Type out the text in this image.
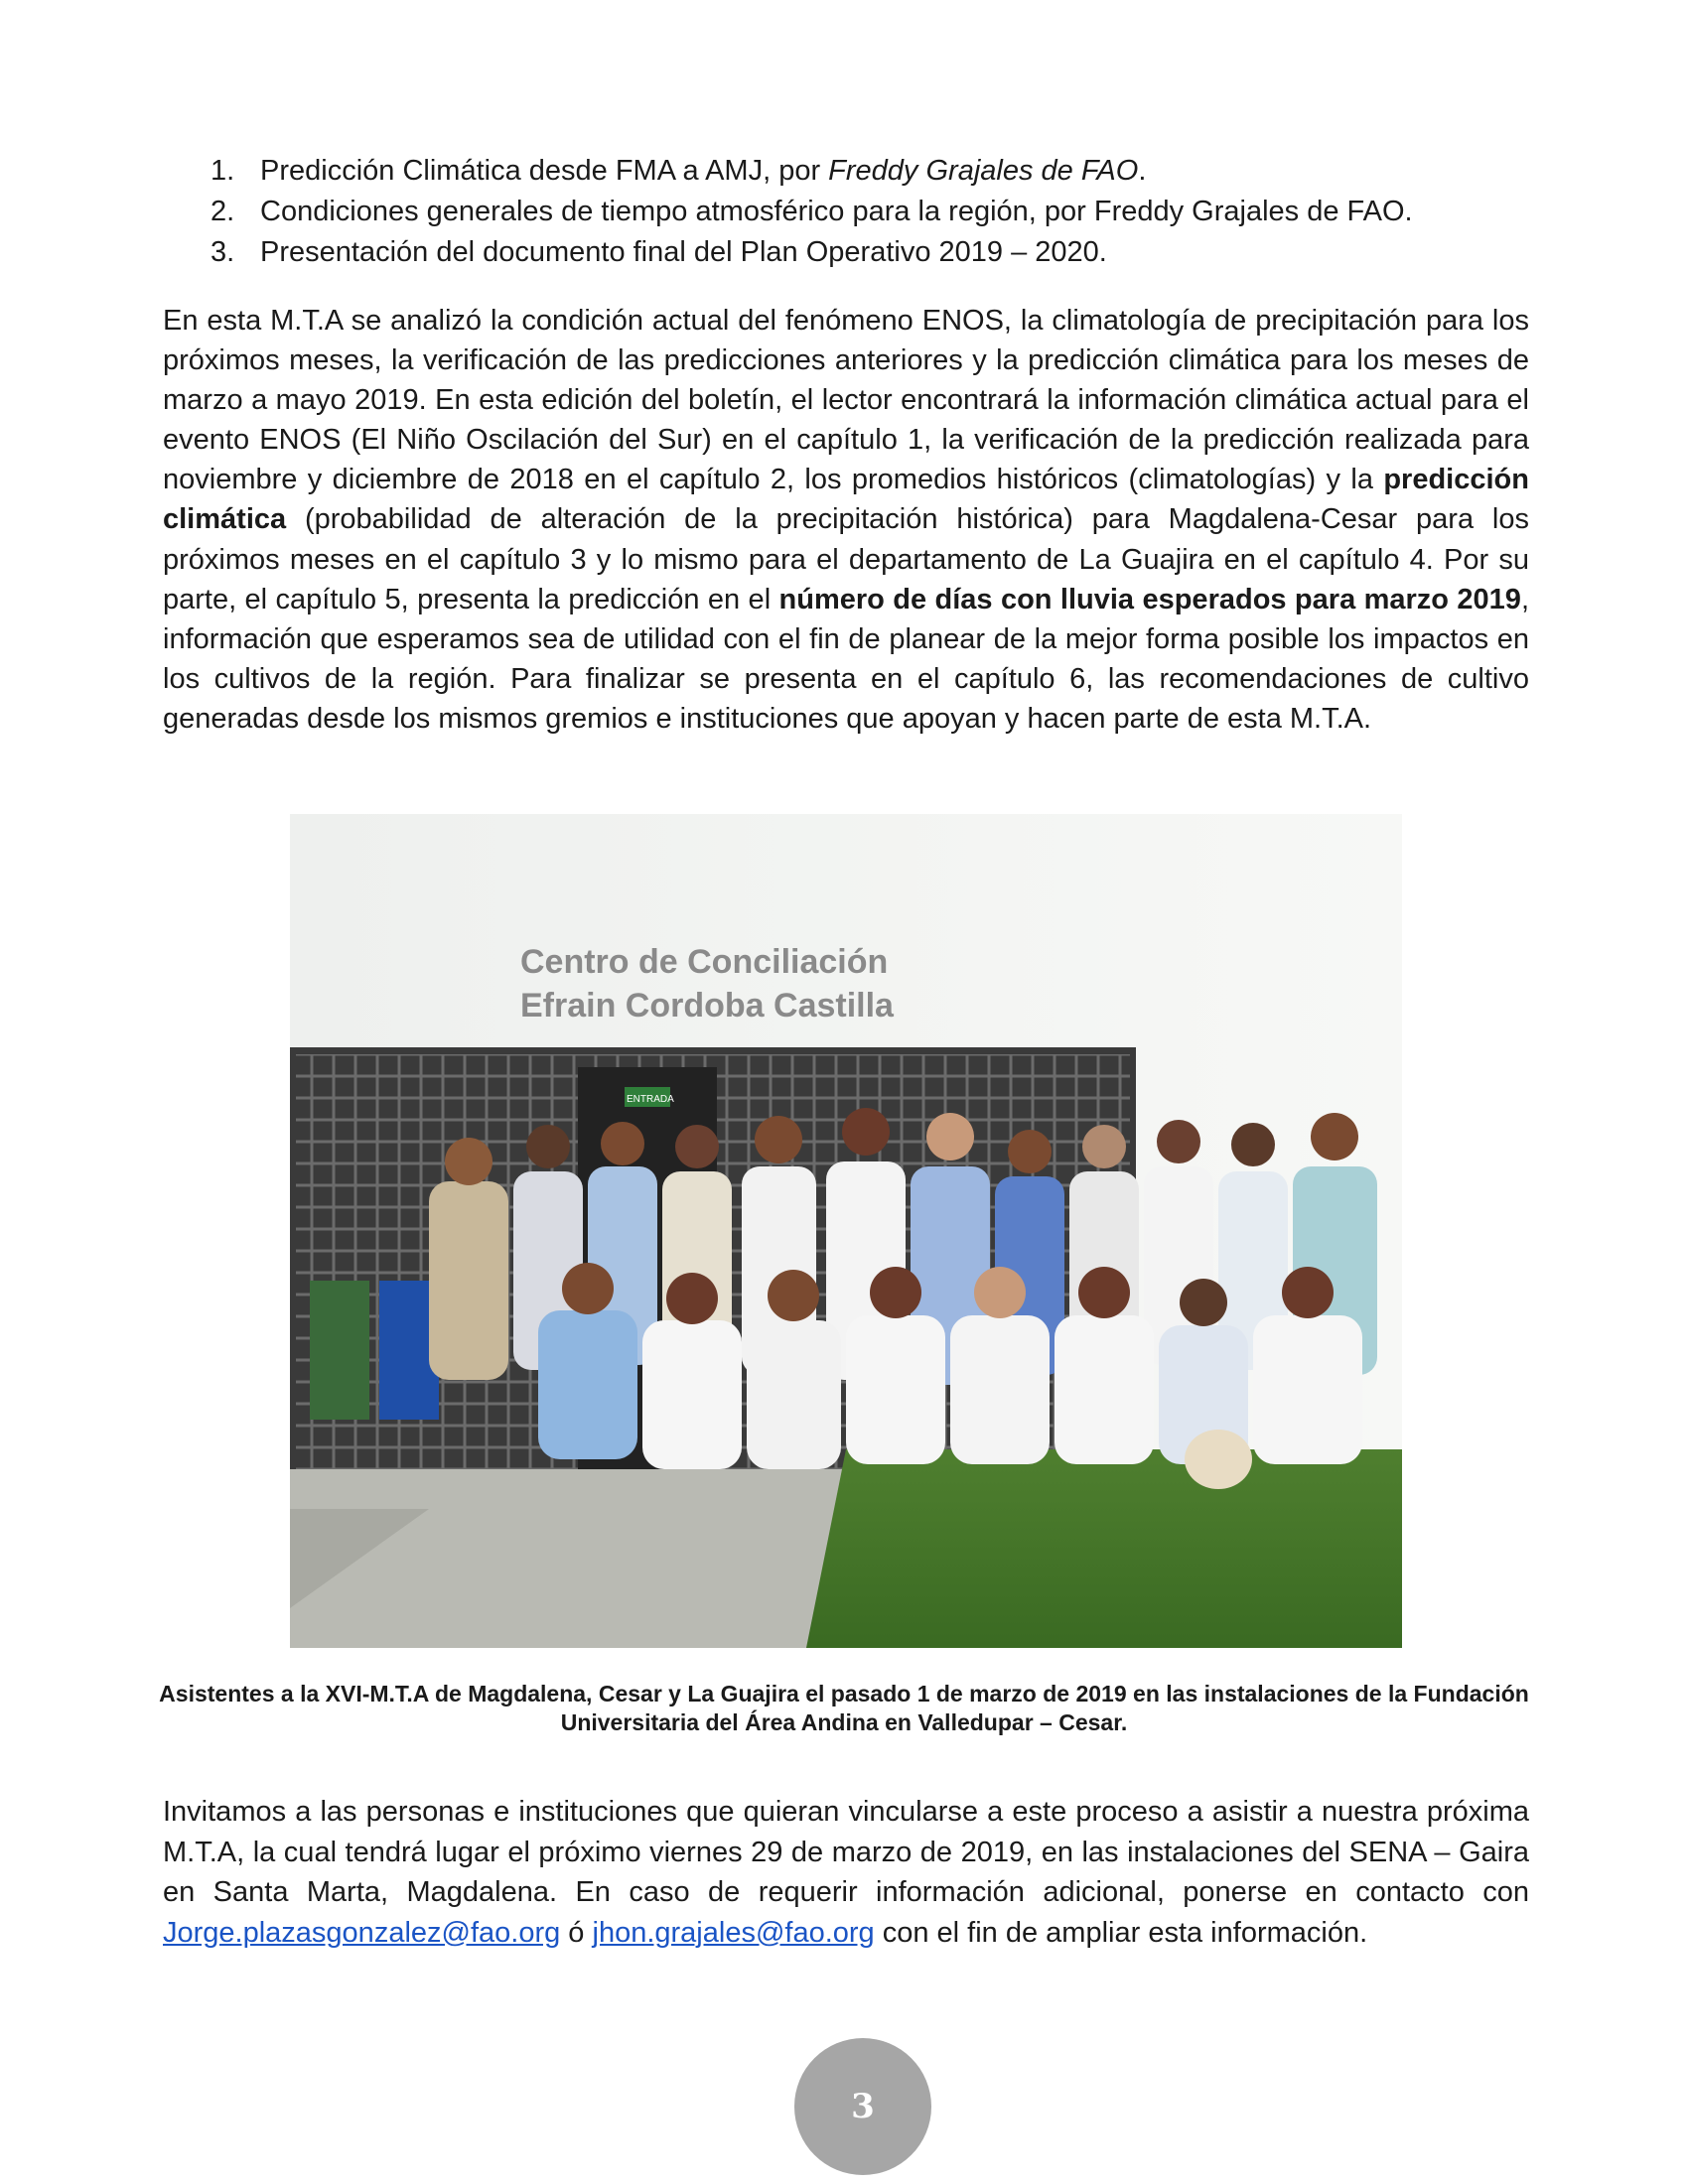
1. Predicción Climática desde FMA a AMJ, por Freddy Grajales de FAO.
2. Condiciones generales de tiempo atmosférico para la región, por Freddy Grajales de FAO.
3. Presentación del documento final del Plan Operativo 2019 – 2020.

En esta M.T.A se analizó la condición actual del fenómeno ENOS, la climatología de precipitación para los próximos meses, la verificación de las predicciones anteriores y la predicción climática para los meses de marzo a mayo 2019. En esta edición del boletín, el lector encontrará la información climática actual para el evento ENOS (El Niño Oscilación del Sur) en el capítulo 1, la verificación de la predicción realizada para noviembre y diciembre de 2018 en el capítulo 2, los promedios históricos (climatologías) y la predicción climática (probabilidad de alteración de la precipitación histórica) para Magdalena-Cesar para los próximos meses en el capítulo 3 y lo mismo para el departamento de La Guajira en el capítulo 4. Por su parte, el capítulo 5, presenta la predicción en el número de días con lluvia esperados para marzo 2019, información que esperamos sea de utilidad con el fin de planear de la mejor forma posible los impactos en los cultivos de la región. Para finalizar se presenta en el capítulo 6, las recomendaciones de cultivo generadas desde los mismos gremios e instituciones que apoyan y hacen parte de esta M.T.A.

Centro de Conciliación
Efrain Cordoba Castilla
ENTRADA

Asistentes a la XVI-M.T.A de Magdalena, Cesar y La Guajira el pasado 1 de marzo de 2019 en las instalaciones de la Fundación Universitaria del Área Andina en Valledupar – Cesar.

Invitamos a las personas e instituciones que quieran vincularse a este proceso a asistir a nuestra próxima M.T.A, la cual tendrá lugar el próximo viernes 29 de marzo de 2019, en las instalaciones del SENA – Gaira en Santa Marta, Magdalena. En caso de requerir información adicional, ponerse en contacto con Jorge.plazasgonzalez@fao.org ó jhon.grajales@fao.org con el fin de ampliar esta información.

3
